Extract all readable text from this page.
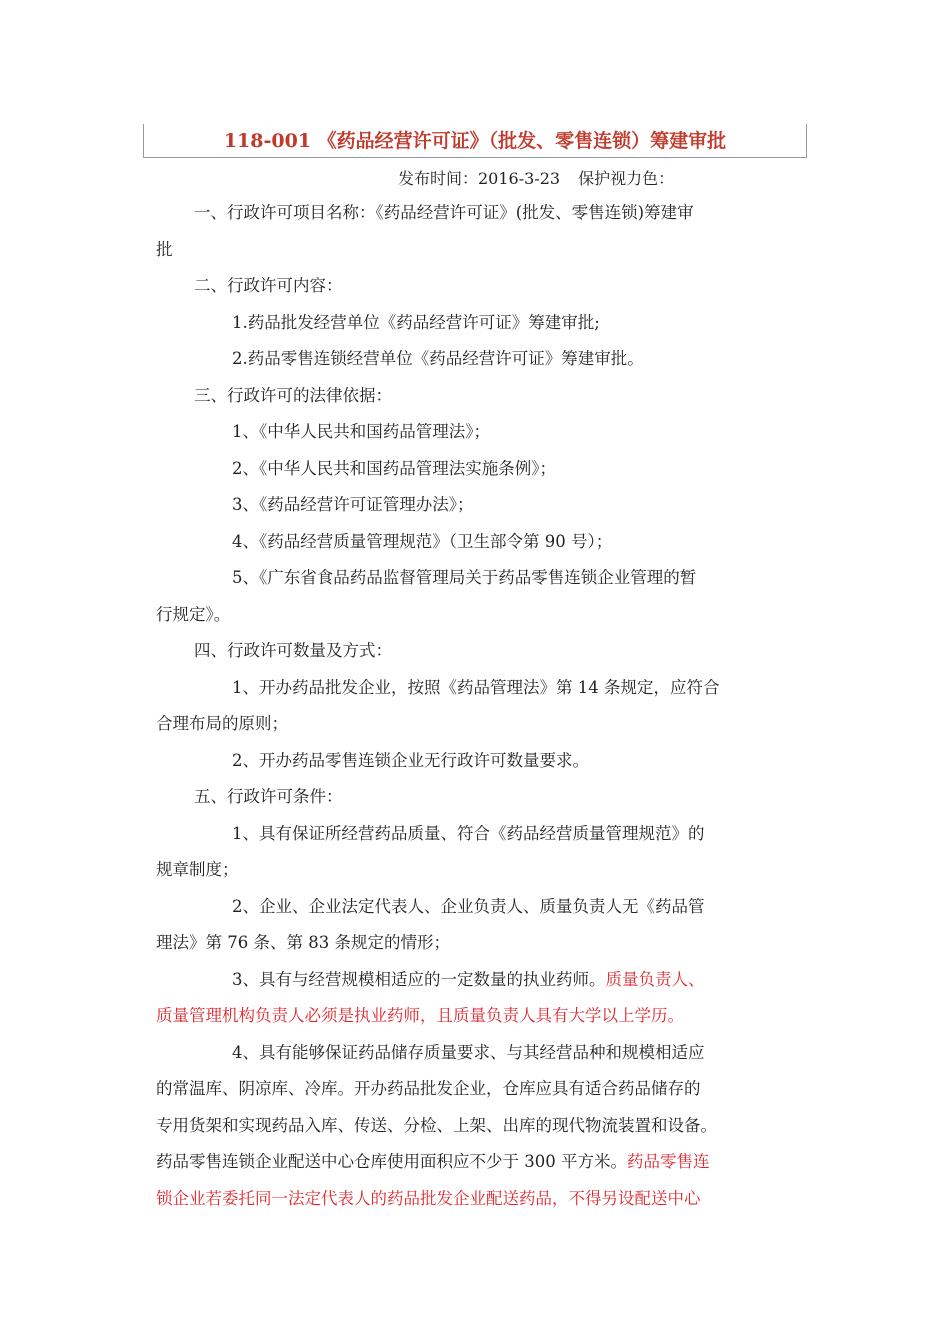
118-001 《药品经营许可证》（批发、零售连锁）筹建审批
发布时间：2016-3-23 保护视力色：

一、行政许可项目名称：《药品经营许可证》(批发、零售连锁)筹建审

批

二、行政许可内容：

1.药品批发经营单位《药品经营许可证》筹建审批;

2.药品零售连锁经营单位《药品经营许可证》筹建审批。

三、行政许可的法律依据：

1、《中华人民共和国药品管理法》；

2、《中华人民共和国药品管理法实施条例》；

3、《药品经营许可证管理办法》；

4、《药品经营质量管理规范》（卫生部令第 90 号）；

5、《广东省食品药品监督管理局关于药品零售连锁企业管理的暂

行规定》。

四、行政许可数量及方式：

1、开办药品批发企业，按照《药品管理法》第 14 条规定，应符合

合理布局的原则；

2、开办药品零售连锁企业无行政许可数量要求。

五、行政许可条件：

1、具有保证所经营药品质量、符合《药品经营质量管理规范》的

规章制度；

2、企业、企业法定代表人、企业负责人、质量负责人无《药品管

理法》第 76 条、第 83 条规定的情形；

3、具有与经营规模相适应的一定数量的执业药师。质量负责人、

质量管理机构负责人必须是执业药师，且质量负责人具有大学以上学历。

4、具有能够保证药品储存质量要求、与其经营品种和规模相适应

的常温库、阴凉库、冷库。开办药品批发企业，仓库应具有适合药品储存的

专用货架和实现药品入库、传送、分检、上架、出库的现代物流装置和设备。

药品零售连锁企业配送中心仓库使用面积应不少于 300 平方米。药品零售连

锁企业若委托同一法定代表人的药品批发企业配送药品，不得另设配送中心
